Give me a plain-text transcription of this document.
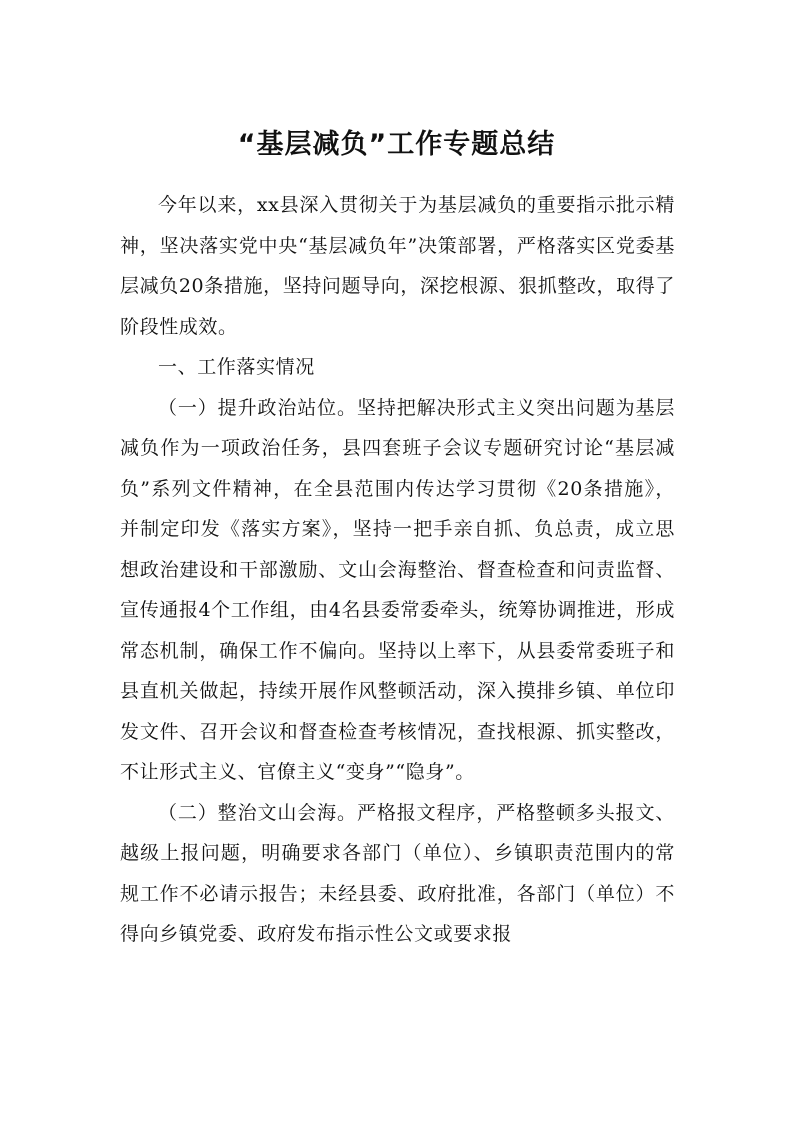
“基层减负”工作专题总结

今年以来，xx县深入贯彻关于为基层减负的重要指示批示精神，坚决落实党中央“基层减负年”决策部署，严格落实区党委基层减负20条措施，坚持问题导向，深挖根源、狠抓整改，取得了阶段性成效。

一、工作落实情况

（一）提升政治站位。坚持把解决形式主义突出问题为基层减负作为一项政治任务，县四套班子会议专题研究讨论“基层减负”系列文件精神，在全县范围内传达学习贯彻《20条措施》，并制定印发《落实方案》，坚持一把手亲自抓、负总责，成立思想政治建设和干部激励、文山会海整治、督查检查和问责监督、宣传通报4个工作组，由4名县委常委牵头，统筹协调推进，形成常态机制，确保工作不偏向。坚持以上率下，从县委常委班子和县直机关做起，持续开展作风整顿活动，深入摸排乡镇、单位印发文件、召开会议和督查检查考核情况，查找根源、抓实整改，不让形式主义、官僚主义“变身”“隐身”。

（二）整治文山会海。严格报文程序，严格整顿多头报文、越级上报问题，明确要求各部门（单位）、乡镇职责范围内的常规工作不必请示报告；未经县委、政府批准，各部门（单位）不得向乡镇党委、政府发布指示性公文或要求报
